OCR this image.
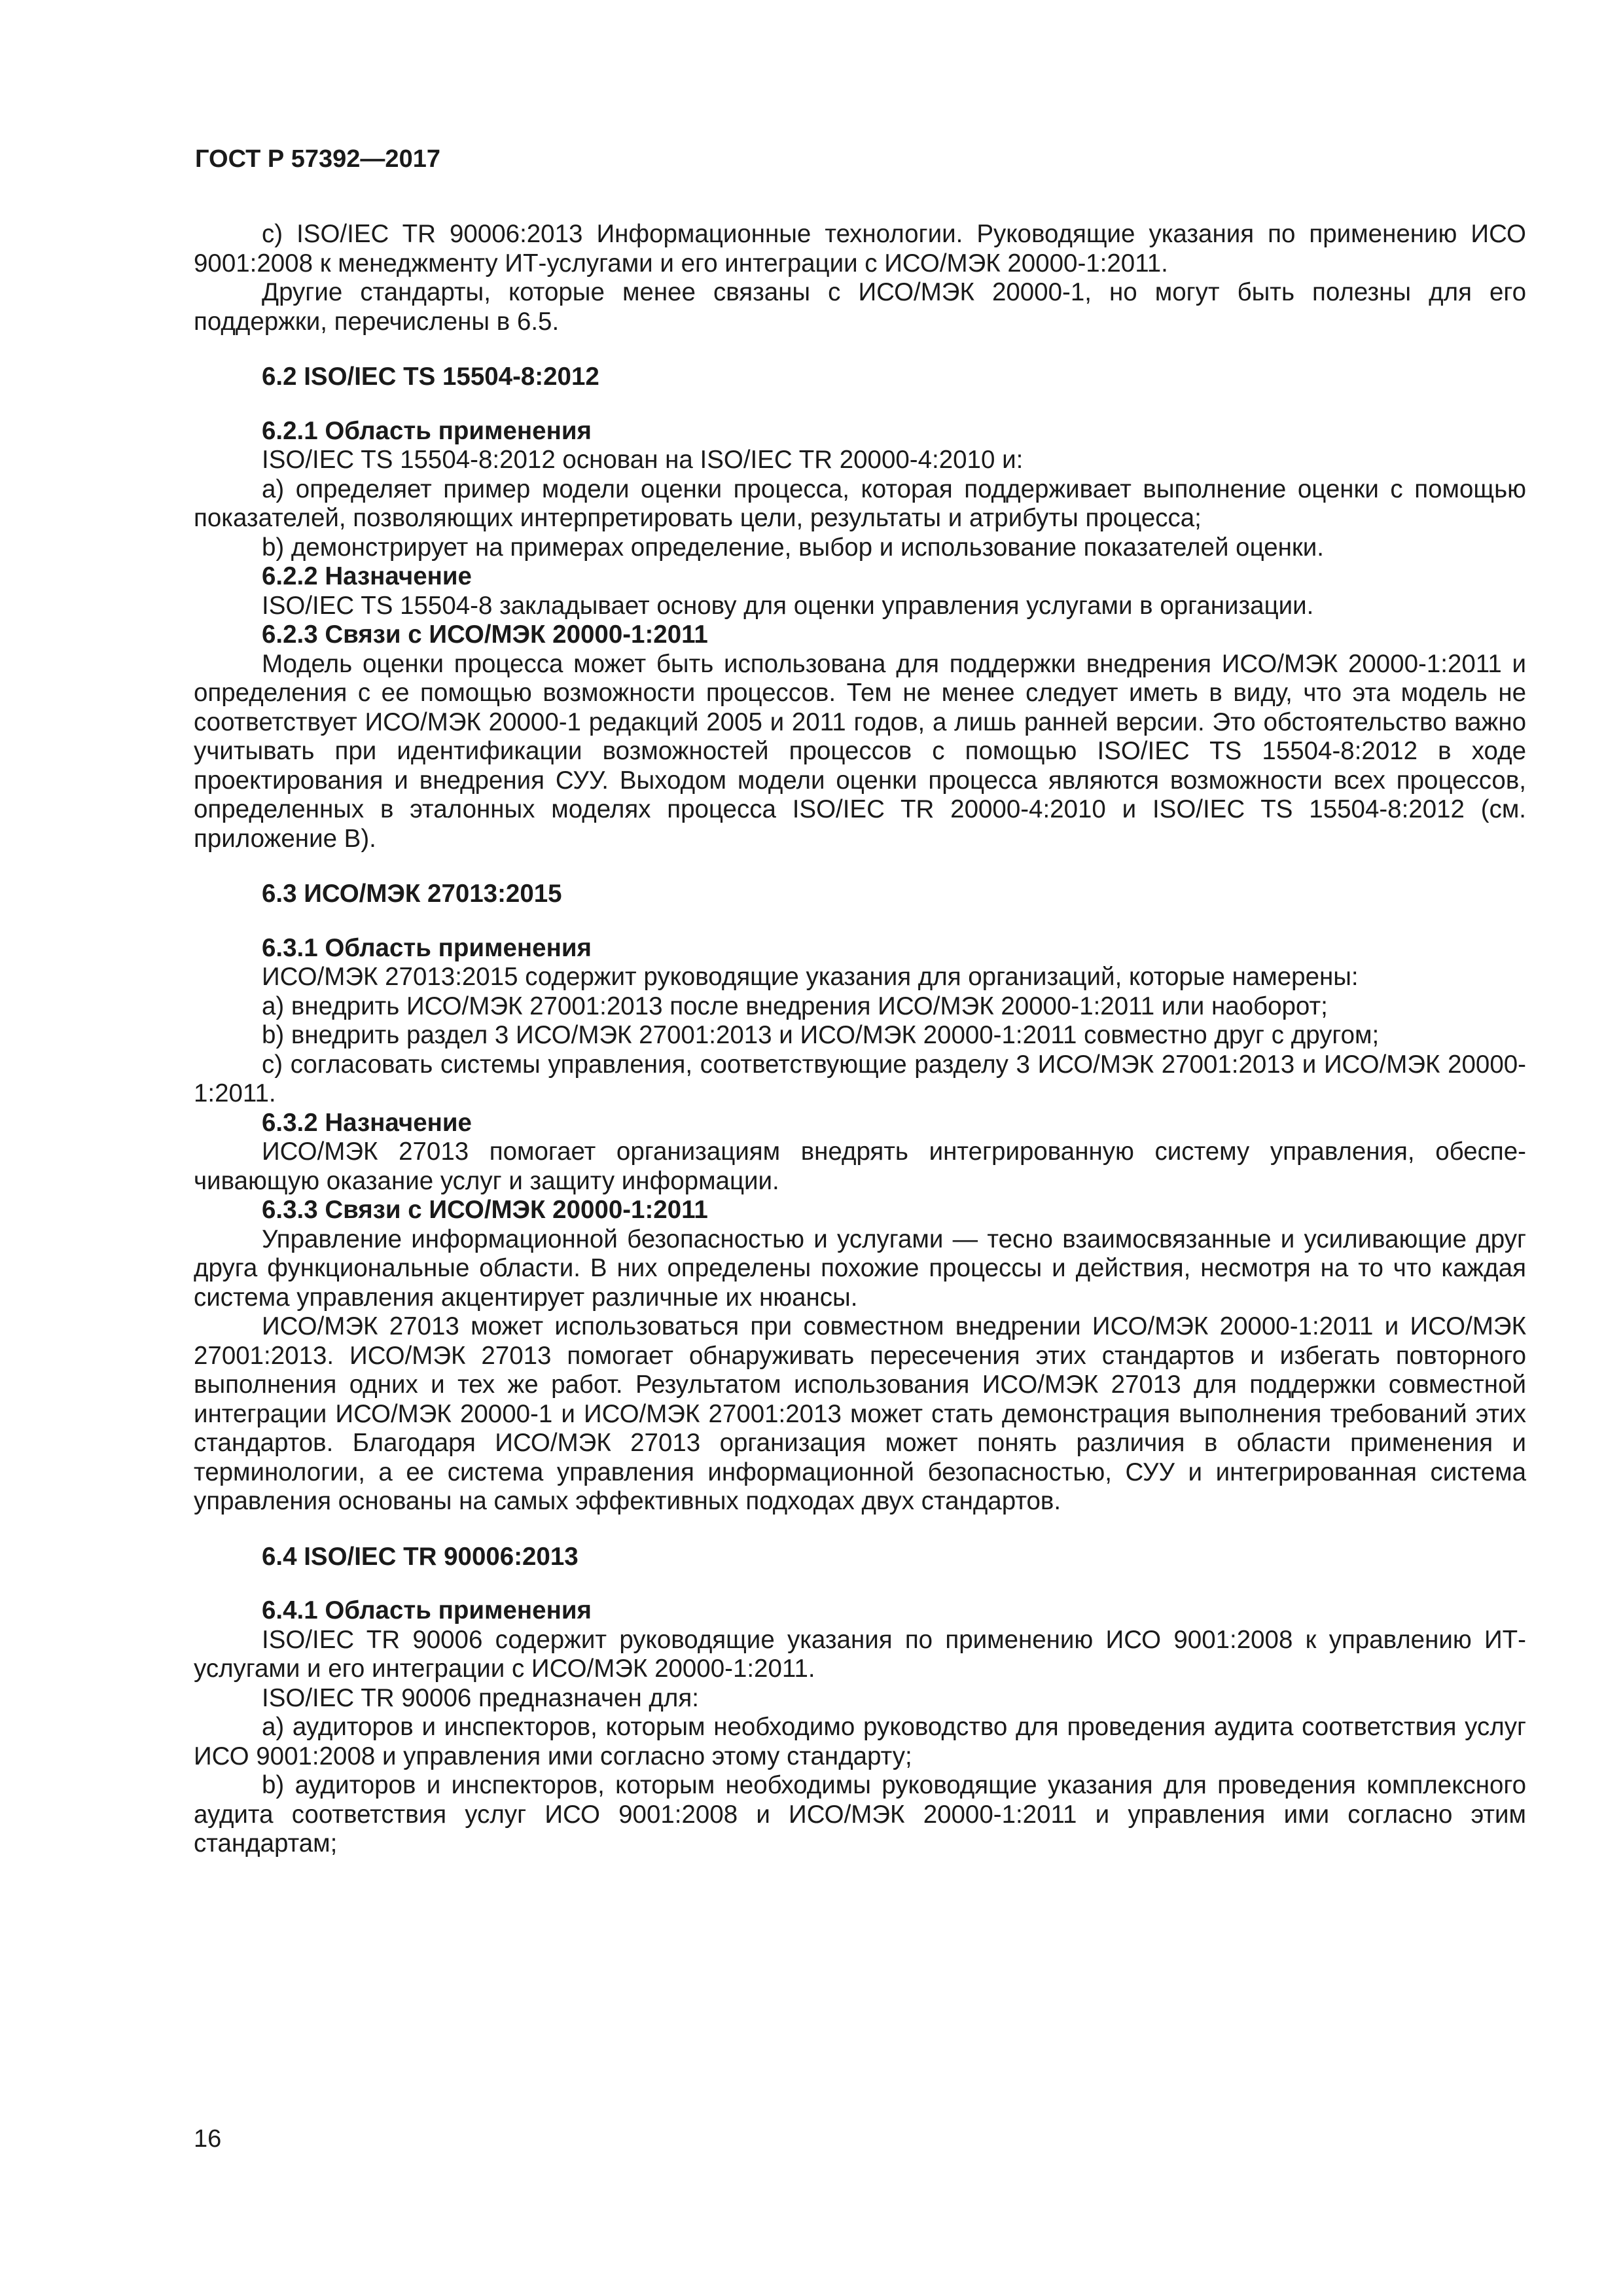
ГОСТ Р 57392—2017

с) ISO/IEC TR 90006:2013 Информационные технологии. Руководящие указания по применению ИСО 9001:2008 к менеджменту ИТ-услугами и его интеграции с ИСО/МЭК 20000-1:2011.

Другие стандарты, которые менее связаны с ИСО/МЭК 20000-1, но могут быть полезны для его поддержки, перечислены в 6.5.

6.2 ISO/IEC TS 15504-8:2012
6.2.1 Область применения

ISO/IEC TS 15504-8:2012 основан на ISO/IEC TR 20000-4:2010 и:

a) определяет пример модели оценки процесса, которая поддерживает выполнение оценки с помощью показателей, позволяющих интерпретировать цели, результаты и атрибуты процесса;

b) демонстрирует на примерах определение, выбор и использование показателей оценки.

6.2.2 Назначение

ISO/IEC TS 15504-8 закладывает основу для оценки управления услугами в организации.

6.2.3 Связи с ИСО/МЭК 20000-1:2011

Модель оценки процесса может быть использована для поддержки внедрения ИСО/МЭК 20000-1:2011 и определения с ее помощью возможности процессов. Тем не менее следует иметь в виду, что эта модель не соответствует ИСО/МЭК 20000-1 редакций 2005 и 2011 годов, а лишь ранней версии. Это обстоятельство важно учитывать при идентификации возможностей процессов с помощью ISO/IEC TS 15504-8:2012 в ходе проектирования и внедрения СУУ. Выходом модели оценки процесса являются возможности всех процессов, определенных в эталонных моделях процесса ISO/IEC TR 20000-4:2010 и ISO/IEC TS 15504-8:2012 (см. приложение В).

6.3 ИСО/МЭК 27013:2015
6.3.1 Область применения

ИСО/МЭК 27013:2015 содержит руководящие указания для организаций, которые намерены:

a) внедрить ИСО/МЭК 27001:2013 после внедрения ИСО/МЭК 20000-1:2011 или наоборот;

b) внедрить раздел 3 ИСО/МЭК 27001:2013 и ИСО/МЭК 20000-1:2011 совместно друг с другом;

c) согласовать системы управления, соответствующие разделу 3 ИСО/МЭК 27001:2013 и ИСО/МЭК 20000-1:2011.

6.3.2 Назначение

ИСО/МЭК 27013 помогает организациям внедрять интегрированную систему управления, обеспечивающую оказание услуг и защиту информации.

6.3.3 Связи с ИСО/МЭК 20000-1:2011

Управление информационной безопасностью и услугами — тесно взаимосвязанные и усиливающие друг друга функциональные области. В них определены похожие процессы и действия, несмотря на то что каждая система управления акцентирует различные их нюансы.

ИСО/МЭК 27013 может использоваться при совместном внедрении ИСО/МЭК 20000-1:2011 и ИСО/МЭК 27001:2013. ИСО/МЭК 27013 помогает обнаруживать пересечения этих стандартов и избегать повторного выполнения одних и тех же работ. Результатом использования ИСО/МЭК 27013 для поддержки совместной интеграции ИСО/МЭК 20000-1 и ИСО/МЭК 27001:2013 может стать демонстрация выполнения требований этих стандартов. Благодаря ИСО/МЭК 27013 организация может понять различия в области применения и терминологии, а ее система управления информационной безопасностью, СУУ и интегрированная система управления основаны на самых эффективных подходах двух стандартов.

6.4 ISO/IEC TR 90006:2013
6.4.1 Область применения

ISO/IEC TR 90006 содержит руководящие указания по применению ИСО 9001:2008 к управлению ИТ-услугами и его интеграции с ИСО/МЭК 20000-1:2011.

ISO/IEC TR 90006 предназначен для:

a) аудиторов и инспекторов, которым необходимо руководство для проведения аудита соответствия услуг ИСО 9001:2008 и управления ими согласно этому стандарту;

b) аудиторов и инспекторов, которым необходимы руководящие указания для проведения комплексного аудита соответствия услуг ИСО 9001:2008 и ИСО/МЭК 20000-1:2011 и управления ими согласно этим стандартам;

16
